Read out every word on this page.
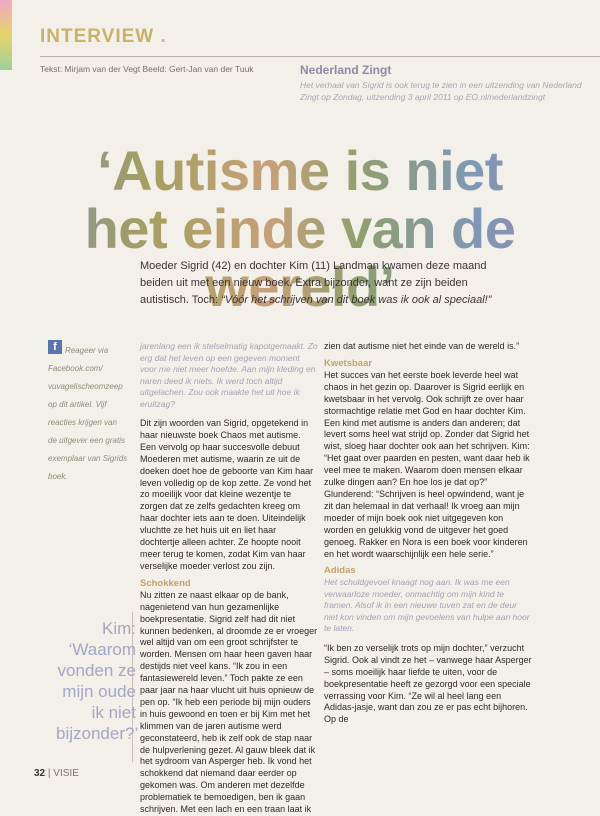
INTERVIEW .
Tekst: Mirjam van der Vegt Beeld: Gert-Jan van der Tuuk	Nederland Zingt
Het verhaal van Sigrid is ook terug te zien in een uitzending van Nederland Zingt op Zondag, uitzending 3 april 2011 op EO.nl/nederlandzingt
‘Autisme is niet
het einde van de wereld’
Moeder Sigrid (42) en dochter Kim (11) Landman kwamen deze maand beiden uit met een nieuw boek. Extra bijzonder, want ze zijn beiden autistisch. Toch: “Vóór het schrijven van dit boek was ik ook al speciaal!”
f Reageer via Facebook.com/ vuvagelischeomzeep op dit artikel. Vijf reacties krijgen van de uitgever een gratis exemplaar van Sigrids boek.

jarenlang een ik stelselmatig kapotgemaakt. Zo erg dat het leven op een gegeven moment voor me niet meer hoefde. Aan mijn kleding en naren deed ik niets. Ik werd toch altijd uitgelachen. Zou ook maakte het uit hoe ik eruitzag?

Dit zijn woorden van Sigrid, opgetekend in haar nieuwste boek Chaos met autisme. Een vervolg op haar succesvolle debuut Moederen met autisme, waarin ze uit de doeken doet hoe de geboorte van Kim haar leven volledig op de kop zette. Ze vond het zo moeilijk voor dat kleine wezentje te zorgen dat ze zelfs gedachten kreeg om haar dochter iets aan te doen. Uiteindelijk vluchtte ze het huis uit en liet haar dochtertje alleen achter. Ze hoopte nooit meer terug te komen, zodat Kim van haar verselijke moeder verlost zou zijn.

Schokkend

Nu zitten ze naast elkaar op de bank, nagenietend van hun gezamenlijke boekpresentatie. Sigrid zelf had dit niet kunnen bedenken, al droomde ze er vroeger wel altijd van om een groot schrijfster te worden. Mensen om haar heen gaven haar destijds niet veel kans. “Ik zou in een fantasiewereld leven.” Toch pakte ze een paar jaar na haar vlucht uit huis opnieuw de pen op. “Ik heb een periode bij mijn ouders in huis gewoond en toen er bij Kim met het klimmen van de jaren autisme werd geconstateerd, heb ik zelf ook de stap naar de hulpverlening gezet. Al gauw bleek dat ik het sydroom van Asperger heb. Ik vond het schokkend dat niemand daar eerder op gekomen was. Om anderen met dezelfde problematiek te bemoedigen, ben ik gaan schrijven. Met een lach en een traan laat ik

zien dat autisme niet het einde van de wereld is.”

Kwetsbaar

Het succes van het eerste boek leverde heel wat chaos in het gezin op. Daarover is Sigrid eerlijk en kwetsbaar in het vervolg. Ook schrijft ze over haar stormachtige relatie met God en haar dochter Kim. Een kind met autisme is anders dan anderen; dat levert soms heel wat strijd op. Zonder dat Sigrid het wist, sloeg haar dochter ook aan het schrijven. Kim: “Het gaat over paarden en pesten, want daar heb ik veel mee te maken. Waarom doen mensen elkaar zulke dingen aan? En hoe los je dat op?” Glunderend: “Schrijven is heel opwindend, want je zit dan helemaal in dat verhaal! Ik vroeg aan mijn moeder of mijn boek ook niet uitgegeven kon worden en gelukkig vond de uitgever het goed genoeg. Rakker en Nora is een boek voor kinderen en het wordt waarschijnlijk een hele serie.”

Adidas

Het schuldgevoel knaagt nog aan. Ik was me een verwaarloze moeder, onmachtig om mijn kind te framen. Alsof ik in een nieuwe tuven zat en de deur niet kon vinden om mijn gevoelens van hulpe aan hoor te laten.

“Ik ben zo verselijk trots op mijn dochter,” verzucht Sigrid. Ook al vindt ze het – vanwege haar Asperger – soms moeilijk haar liefde te uiten, voor de boekpresentatie heeft ze gezorgd voor een speciale verrassing voor Kim. “Ze wil al heel lang een Adidas-jasje, want dan zou ze er pas echt bijhoren. Op de

Kim: ‘Waarom vonden ze mijn oude ik niet bijzonder?’
32 | VISIE
